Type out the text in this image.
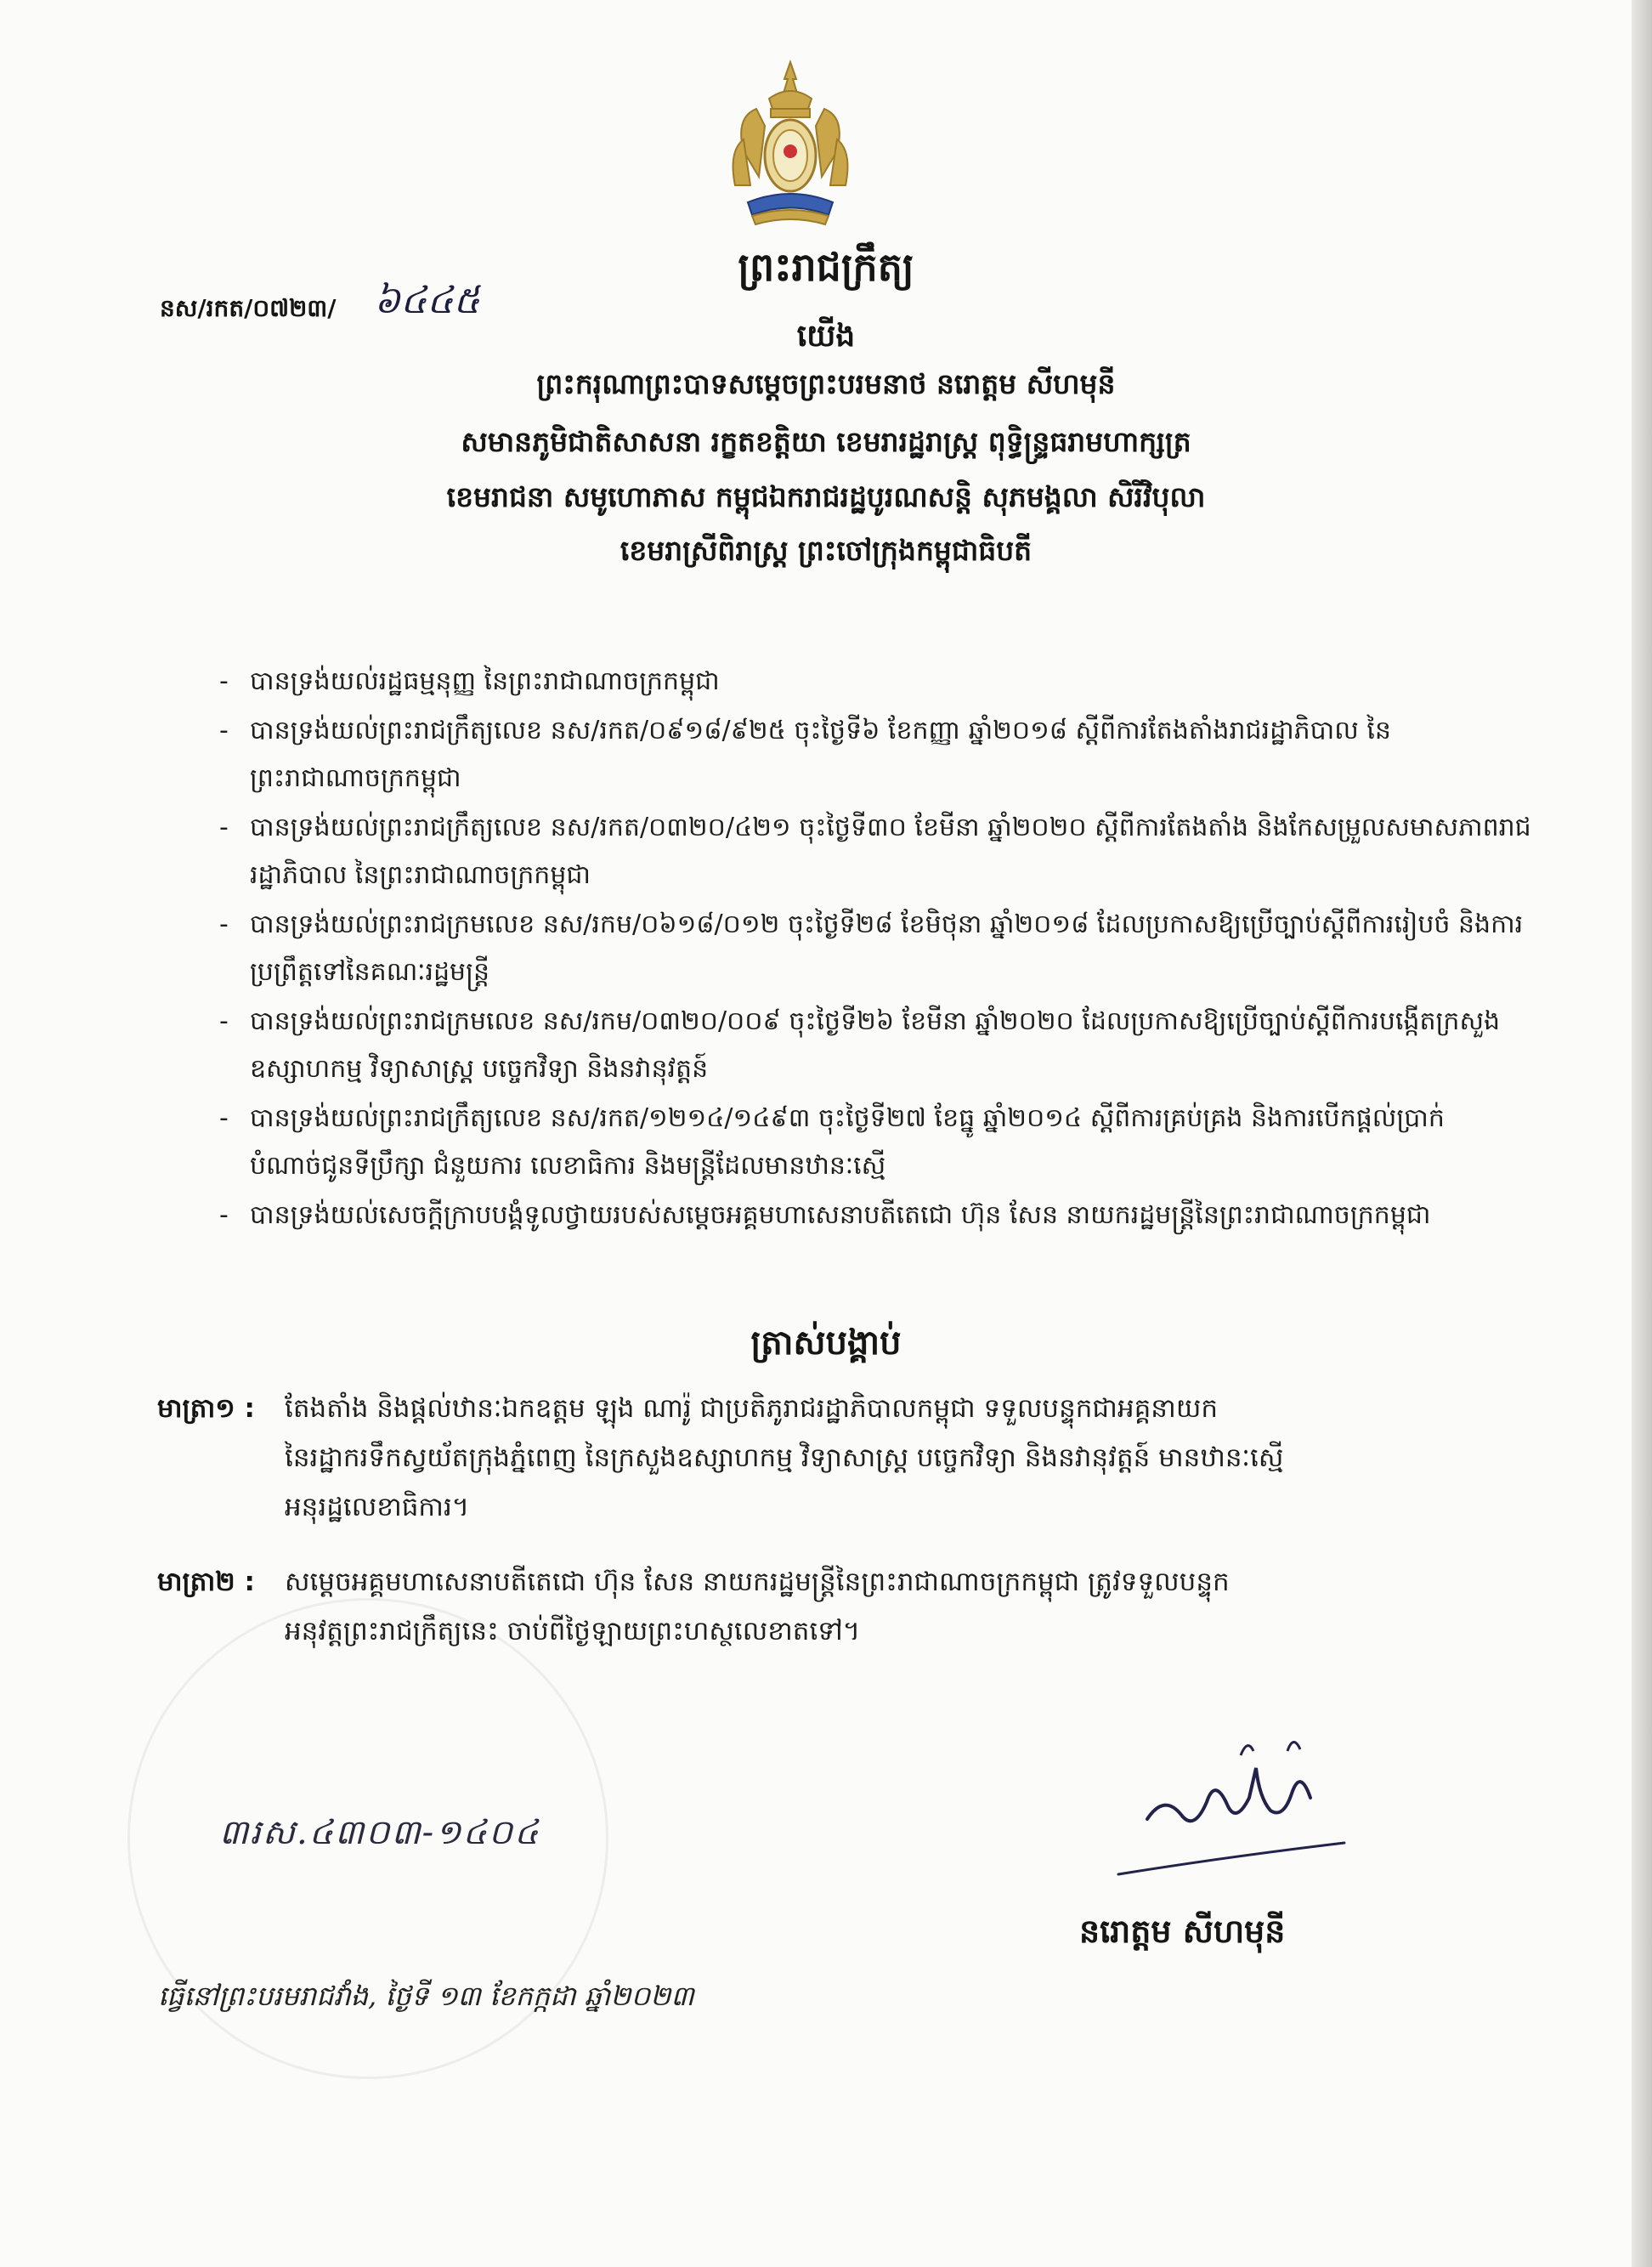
ព្រះរាជក្រឹត្យ
នស/រកត/០៧២៣/ ៦៤៤៥
យើង
ព្រះករុណាព្រះបាទសម្តេចព្រះបរមនាថ នរោត្តម សីហមុនី
សមានភូមិជាតិសាសនា រក្ខតខត្តិយា ខេមរារដ្ឋរាស្ត្រ ពុទ្ធិន្ទ្រធរាមហាក្សត្រ
ខេមរាជនា សមូហោភាស កម្ពុជឯករាជរដ្ឋបូរណសន្តិ សុភមង្គលា សិរីវិបុលា
ខេមរាស្រីពិរាស្ត្រ ព្រះចៅក្រុងកម្ពុជាធិបតី
- បានទ្រង់យល់រដ្ឋធម្មនុញ្ញ នៃព្រះរាជាណាចក្រកម្ពុជា
- បានទ្រង់យល់ព្រះរាជក្រឹត្យលេខ នស/រកត/០៩១៨/៩២៥ ចុះថ្ងៃទី៦ ខែកញ្ញា ឆ្នាំ២០១៨ ស្តីពីការតែងតាំងរាជរដ្ឋាភិបាល នៃព្រះរាជាណាចក្រកម្ពុជា
- បានទ្រង់យល់ព្រះរាជក្រឹត្យលេខ នស/រកត/០៣២០/៤២១ ចុះថ្ងៃទី៣០ ខែមីនា ឆ្នាំ២០២០ ស្តីពីការតែងតាំង និងកែសម្រួលសមាសភាពរាជរដ្ឋាភិបាល នៃព្រះរាជាណាចក្រកម្ពុជា
- បានទ្រង់យល់ព្រះរាជក្រមលេខ នស/រកម/០៦១៨/០១២ ចុះថ្ងៃទី២៨ ខែមិថុនា ឆ្នាំ២០១៨ ដែលប្រកាសឱ្យប្រើច្បាប់ស្តីពីការរៀបចំ និងការប្រព្រឹត្តទៅនៃគណៈរដ្ឋមន្ត្រី
- បានទ្រង់យល់ព្រះរាជក្រមលេខ នស/រកម/០៣២០/០០៩ ចុះថ្ងៃទី២៦ ខែមីនា ឆ្នាំ២០២០ ដែលប្រកាសឱ្យប្រើច្បាប់ស្តីពីការបង្កើតក្រសួងឧស្សាហកម្ម វិទ្យាសាស្ត្រ បច្ចេកវិទ្យា និងនវានុវត្តន៍
- បានទ្រង់យល់ព្រះរាជក្រឹត្យលេខ នស/រកត/១២១៤/១៤៩៣ ចុះថ្ងៃទី២៧ ខែធ្នូ ឆ្នាំ២០១៤ ស្តីពីការគ្រប់គ្រង និងការបើកផ្តល់ប្រាក់បំណាច់ជូនទីប្រឹក្សា ជំនួយការ លេខាធិការ និងមន្ត្រីដែលមានឋានៈស្មើ
- បានទ្រង់យល់សេចក្តីក្រាបបង្គំទូលថ្វាយរបស់សម្តេចអគ្គមហាសេនាបតីតេជោ ហ៊ុន សែន នាយករដ្ឋមន្ត្រីនៃព្រះរាជាណាចក្រកម្ពុជា
ត្រាស់បង្គាប់
មាត្រា១ : តែងតាំង និងផ្តល់ឋានៈឯកឧត្តម ឡុង ណារ៉ូ ជាប្រតិភូរាជរដ្ឋាភិបាលកម្ពុជា ទទួលបន្ទុកជាអគ្គនាយក
នៃរដ្ឋាករទឹកស្វយ័តក្រុងភ្នំពេញ នៃក្រសួងឧស្សាហកម្ម វិទ្យាសាស្ត្រ បច្ចេកវិទ្យា និងនវានុវត្តន៍ មានឋានៈស្មើ
អនុរដ្ឋលេខាធិការ។
មាត្រា២ : សម្តេចអគ្គមហាសេនាបតីតេជោ ហ៊ុន សែន នាយករដ្ឋមន្ត្រីនៃព្រះរាជាណាចក្រកម្ពុជា ត្រូវទទួលបន្ទុក
អនុវត្តព្រះរាជក្រឹត្យនេះ ចាប់ពីថ្ងៃឡាយព្រះហស្ថលេខាតទៅ។
៣រស.៤៣០៣-១៤០៤
នរោត្តម សីហមុនី
ធ្វើនៅព្រះបរមរាជវាំង, ថ្ងៃទី ១៣ ខែកក្កដា ឆ្នាំ២០២៣
